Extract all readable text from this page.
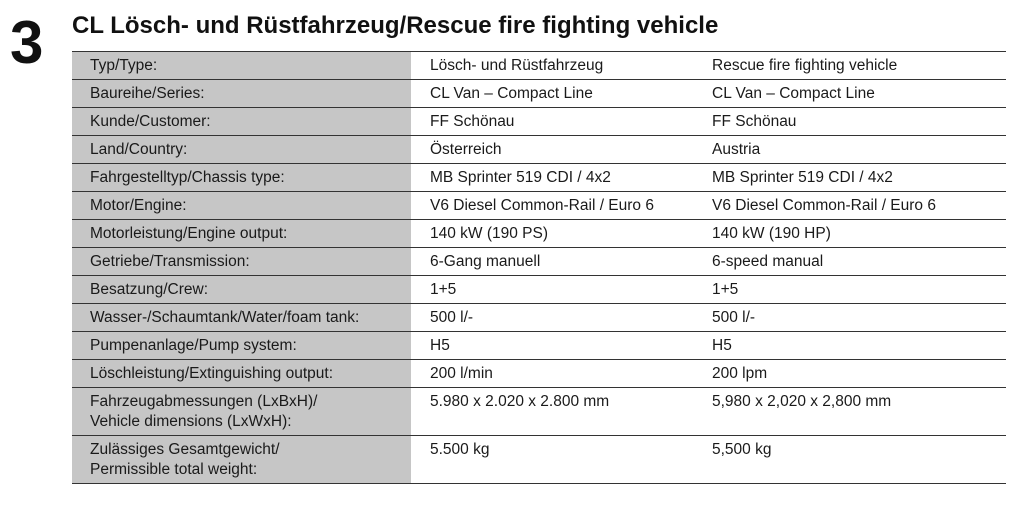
3 CL Lösch- und Rüstfahrzeug/Rescue fire fighting vehicle
Typ/Type:	Lösch- und Rüstfahrzeug	Rescue fire fighting vehicle

Baureihe/Series:	CL Van – Compact Line	CL Van – Compact Line

Kunde/Customer:	FF Schönau	FF Schönau

Land/Country:	Österreich	Austria

Fahrgestelltyp/Chassis type:	MB Sprinter 519 CDI / 4x2	MB Sprinter 519 CDI / 4x2

Motor/Engine:	V6 Diesel Common-Rail / Euro 6	V6 Diesel Common-Rail / Euro 6

Motorleistung/Engine output:	140 kW (190 PS)	140 kW (190 HP)

Getriebe/Transmission:	6-Gang manuell	6-speed manual

Besatzung/Crew:	1+5	1+5

Wasser-/Schaumtank/Water/foam tank:	500 l/-	500 l/-

Pumpenanlage/Pump system:	H5	H5

Löschleistung/Extinguishing output:	200 l/min	200 lpm

Fahrzeugabmessungen (LxBxH)/
Vehicle dimensions (LxWxH):	5.980 x 2.020 x 2.800 mm	5,980 x 2,020 x 2,800 mm

Zulässiges Gesamtgewicht/
Permissible total weight:	5.500 kg	5,500 kg
